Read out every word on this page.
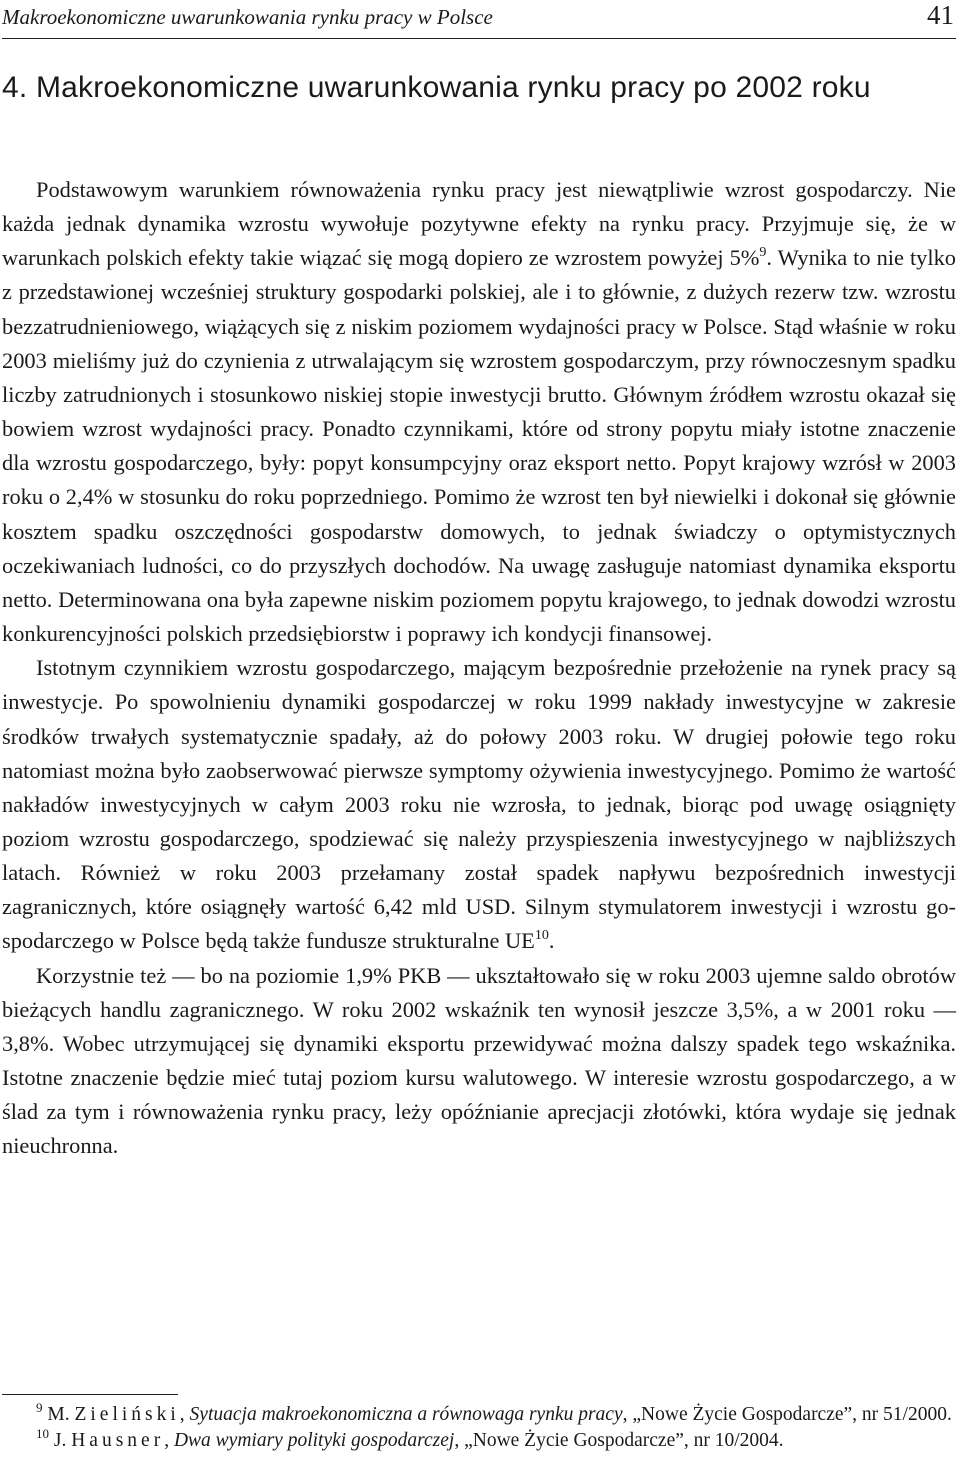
Makroekonomiczne uwarunkowania rynku pracy w Polsce	41
4. Makroekonomiczne uwarunkowania rynku pracy po 2002 roku

Podstawowym warunkiem równoważenia rynku pracy jest niewątpliwie wzrost gospodarczy. Nie każda jednak dynamika wzrostu wywołuje pozytywne efekty na rynku pracy. Przyjmuje się, że w warunkach polskich efekty takie wiązać się mogą dopiero ze wzrostem powyżej 5%$^9$. Wynika to nie tylko z przedstawionej wcześniej struktury gospodarki polskiej, ale i to głównie, z dużych rezerw tzw. wzrostu bezzatrudnieniowego, wiążących się z niskim poziomem wydajności pracy w Polsce. Stąd właśnie w roku 2003 mieliśmy już do czynienia z utrwalającym się wzrostem gospodarczym, przy równoczesnym spadku liczby zatrudnionych i stosunkowo niskiej stopie inwestycji brutto. Głównym źródłem wzrostu okazał się bowiem wzrost wydajności pracy. Ponadto czynnikami, które od strony popytu miały istotne znaczenie dla wzrostu gospodarczego, były: popyt konsumpcyjny oraz eksport netto. Popyt krajowy wzrósł w 2003 roku o 2,4% w stosunku do roku poprzedniego. Pomimo że wzrost ten był niewielki i dokonał się głównie kosztem spadku oszczędności gospodarstw domowych, to jednak świadczy o optymistycznych oczekiwaniach ludności, co do przyszłych dochodów. Na uwagę zasługuje natomiast dynamika eksportu netto. Determinowana ona była zapewne niskim poziomem popytu krajowego, to jednak dowodzi wzrostu konkurencyjności polskich przedsiębiorstw i poprawy ich kondycji finansowej.

Istotnym czynnikiem wzrostu gospodarczego, mającym bezpośrednie przełożenie na rynek pracy są inwestycje. Po spowolnieniu dynamiki gospodarczej w roku 1999 nakłady inwestycyjne w zakresie środków trwałych systematycznie spadały, aż do połowy 2003 roku. W drugiej połowie tego roku natomiast można było zaobserwować pierwsze symptomy ożywienia inwestycyjnego. Pomimo że wartość nakładów inwestycyjnych w całym 2003 roku nie wzrosła, to jednak, biorąc pod uwagę osiągnięty poziom wzrostu gospodarczego, spodziewać się należy przyspieszenia inwestycyjnego w najbliższych latach. Również w roku 2003 przełamany został spadek napływu bezpośrednich inwestycji zagranicznych, które osiągnęły wartość 6,42 mld USD. Silnym stymulatorem inwestycji i wzrostu gospodarczego w Polsce będą także fundusze strukturalne UE$^{10}$.

Korzystnie też — bo na poziomie 1,9% PKB — ukształtowało się w roku 2003 ujemne saldo obrotów bieżących handlu zagranicznego. W roku 2002 wskaźnik ten wynosił jeszcze 3,5%, a w 2001 roku — 3,8%. Wobec utrzymującej się dynamiki eksportu przewidywać można dalszy spadek tego wskaźnika. Istotne znaczenie będzie mieć tutaj poziom kursu walutowego. W interesie wzrostu gospodarczego, a w ślad za tym i równoważenia rynku pracy, leży opóźnianie aprecjacji złotówki, która wydaje się jednak nieuchronna.

$^9$ M. Zieliński, Sytuacja makroekonomiczna a równowaga rynku pracy, „Nowe Życie Gospodarcze”, nr 51/2000.

$^{10}$ J. Hausner, Dwa wymiary polityki gospodarczej, „Nowe Życie Gospodarcze”, nr 10/2004.
